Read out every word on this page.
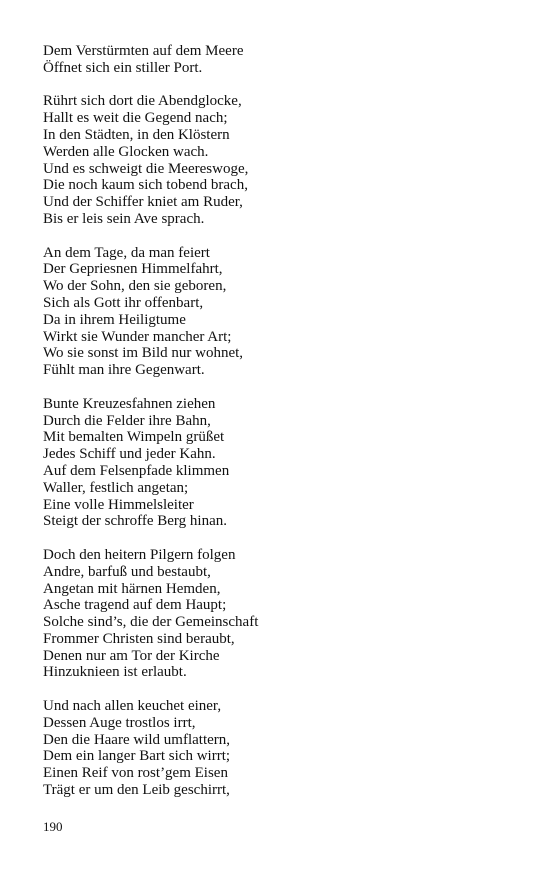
Dem Verstürmten auf dem Meere
Öffnet sich ein stiller Port.
Rührt sich dort die Abendglocke,
Hallt es weit die Gegend nach;
In den Städten, in den Klöstern
Werden alle Glocken wach.
Und es schweigt die Meereswoge,
Die noch kaum sich tobend brach,
Und der Schiffer kniet am Ruder,
Bis er leis sein Ave sprach.
An dem Tage, da man feiert
Der Gepriesnen Himmelfahrt,
Wo der Sohn, den sie geboren,
Sich als Gott ihr offenbart,
Da in ihrem Heiligtume
Wirkt sie Wunder mancher Art;
Wo sie sonst im Bild nur wohnet,
Fühlt man ihre Gegenwart.
Bunte Kreuzesfahnen ziehen
Durch die Felder ihre Bahn,
Mit bemalten Wimpeln grüßet
Jedes Schiff und jeder Kahn.
Auf dem Felsenpfade klimmen
Waller, festlich angetan;
Eine volle Himmelsleiter
Steigt der schroffe Berg hinan.
Doch den heitern Pilgern folgen
Andre, barfuß und bestaubt,
Angetan mit härnen Hemden,
Asche tragend auf dem Haupt;
Solche sind’s, die der Gemeinschaft
Frommer Christen sind beraubt,
Denen nur am Tor der Kirche
Hinzuknieen ist erlaubt.
Und nach allen keuchet einer,
Dessen Auge trostlos irrt,
Den die Haare wild umflattern,
Dem ein langer Bart sich wirrt;
Einen Reif von rost’gem Eisen
Trägt er um den Leib geschirrt,
190
